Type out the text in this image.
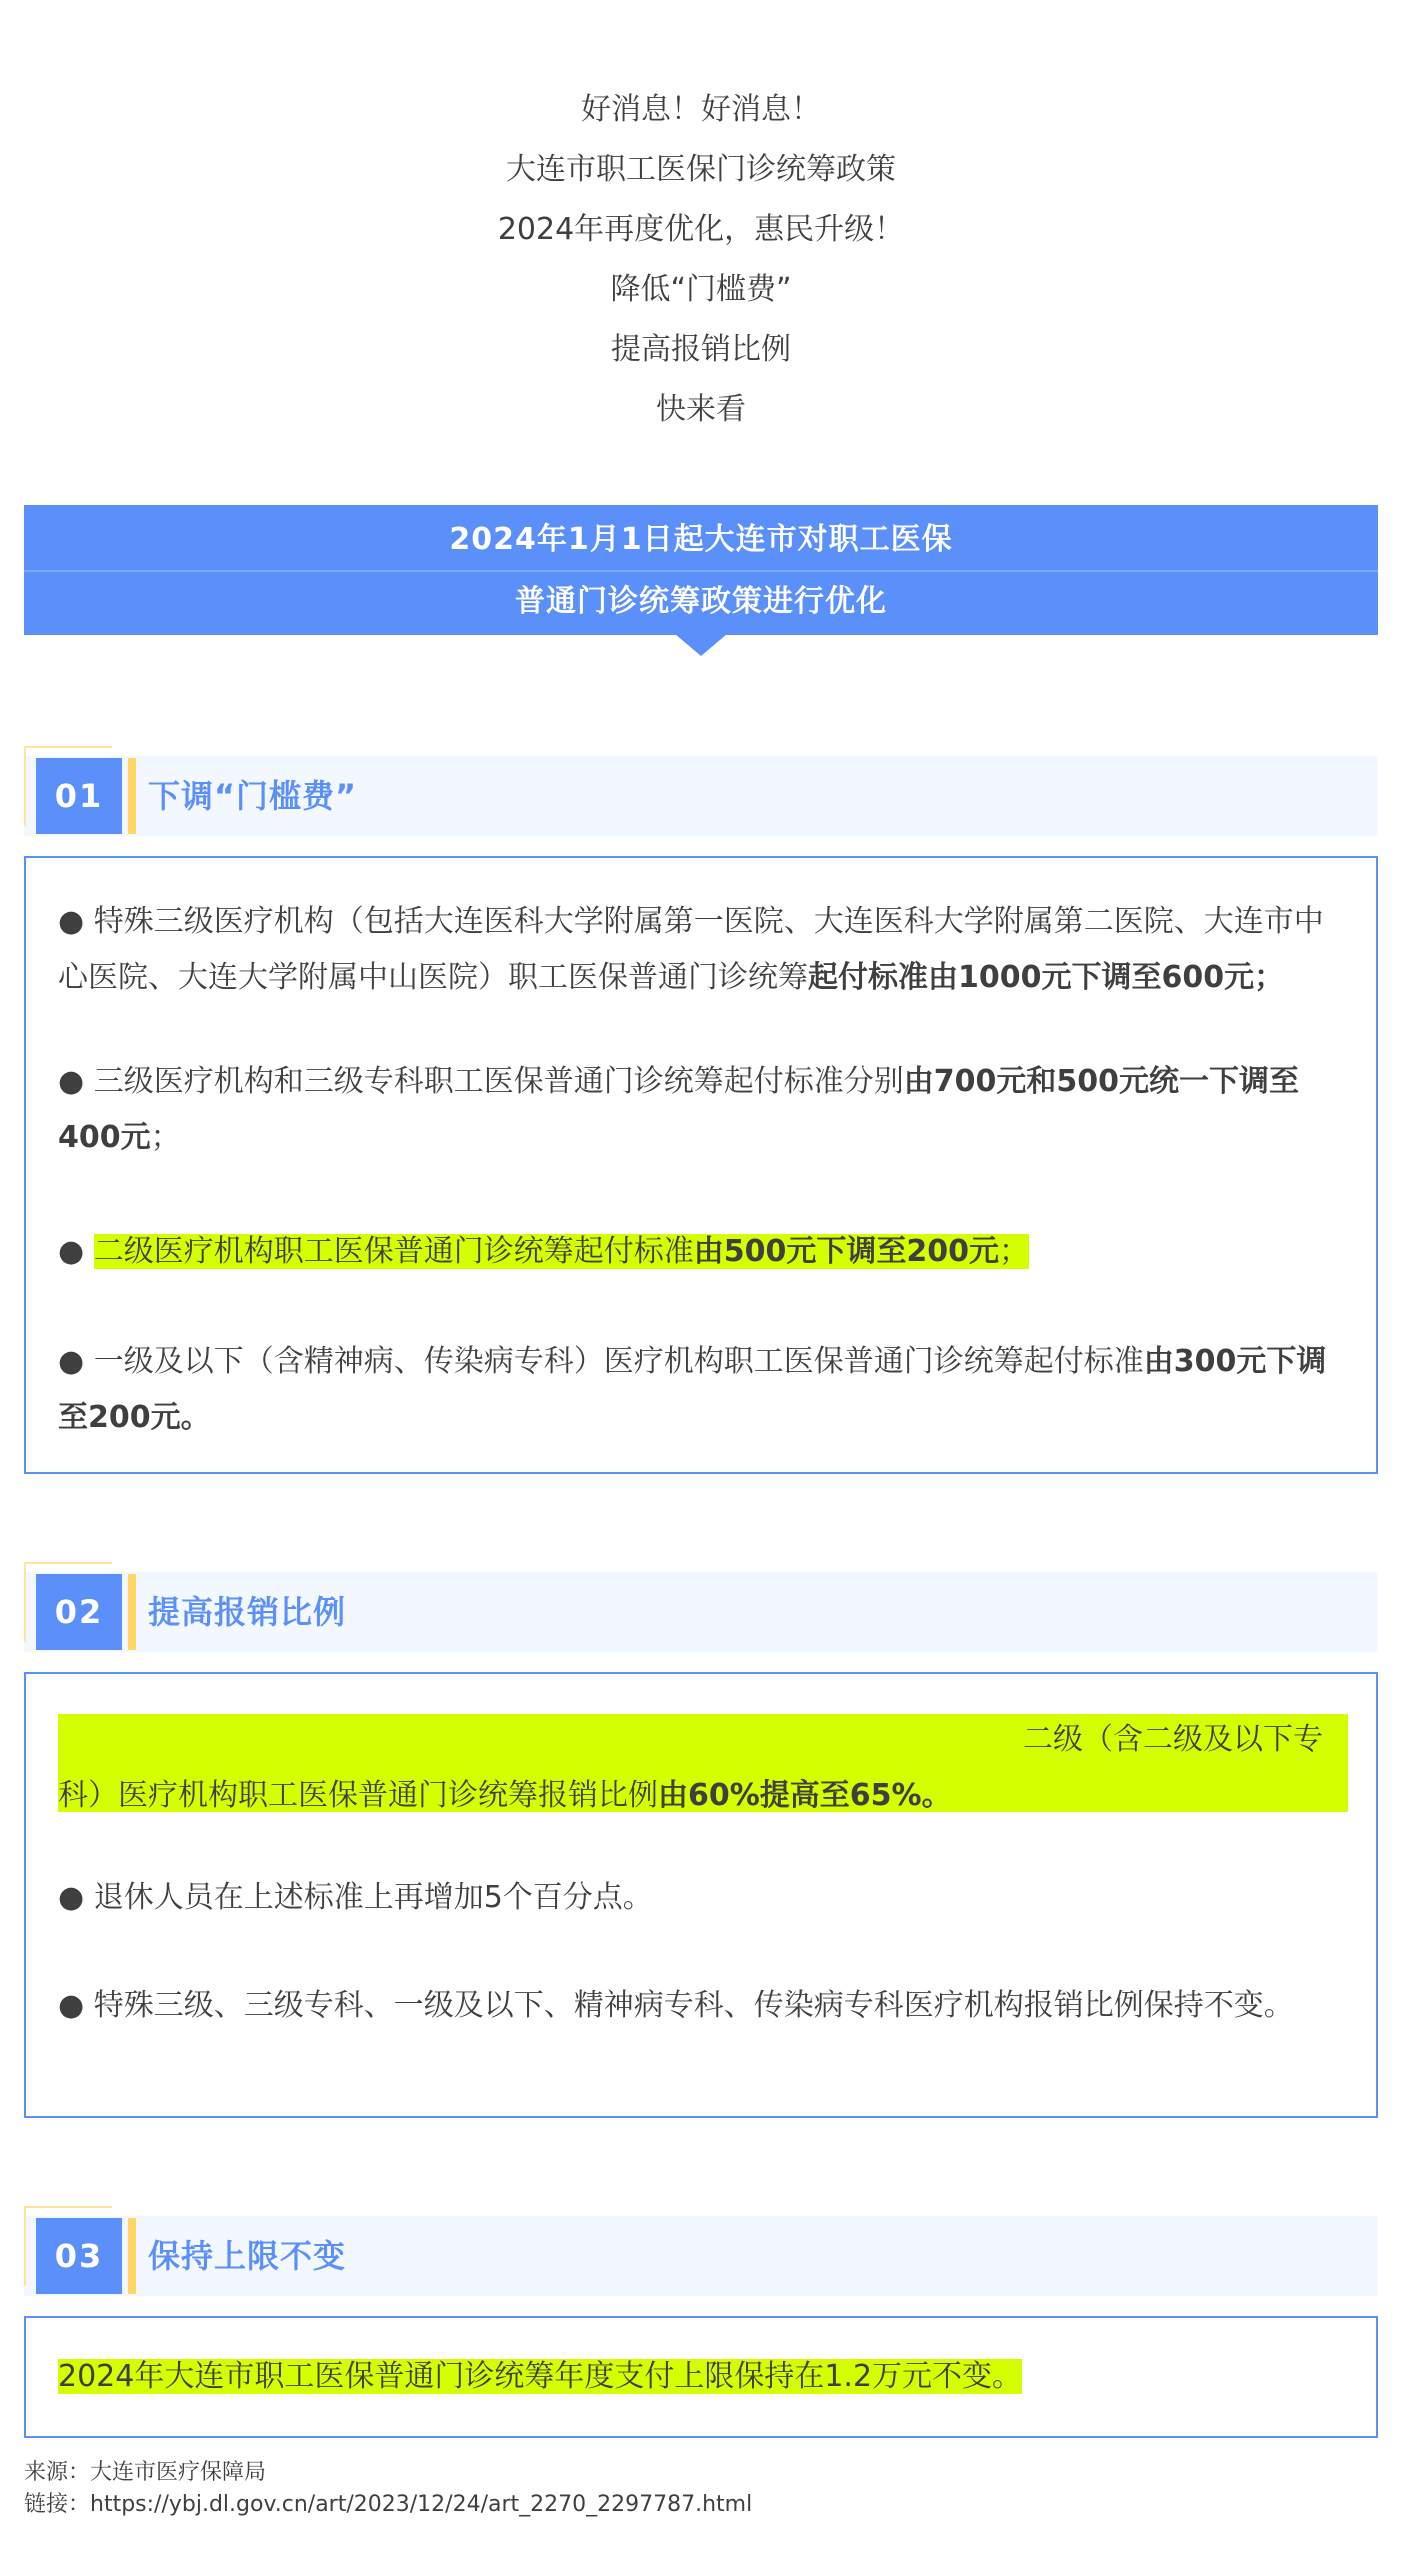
好消息！好消息！

大连市职工医保门诊统筹政策

2024年再度优化，惠民升级！

降低“门槛费”

提高报销比例

快来看

2024年1月1日起大连市对职工医保
普通门诊统筹政策进行优化
01	下调“门槛费”

● 特殊三级医疗机构（包括大连医科大学附属第一医院、大连医科大学附属第二医院、大连市中心医院、大连大学附属中山医院）职工医保普通门诊统筹起付标准由1000元下调至600元；

● 三级医疗机构和三级专科职工医保普通门诊统筹起付标准分别由700元和500元统一下调至400元；

● 二级医疗机构职工医保普通门诊统筹起付标准由500元下调至200元；

● 一级及以下（含精神病、传染病专科）医疗机构职工医保普通门诊统筹起付标准由300元下调至200元。

02	提高报销比例

二级（含二级及以下专科）医疗机构职工医保普通门诊统筹报销比例由60%提高至65%。

● 退休人员在上述标准上再增加5个百分点。

● 特殊三级、三级专科、一级及以下、精神病专科、传染病专科医疗机构报销比例保持不变。

03	保持上限不变

2024年大连市职工医保普通门诊统筹年度支付上限保持在1.2万元不变。

来源：大连市医疗保障局
链接：https://ybj.dl.gov.cn/art/2023/12/24/art_2270_2297787.html
